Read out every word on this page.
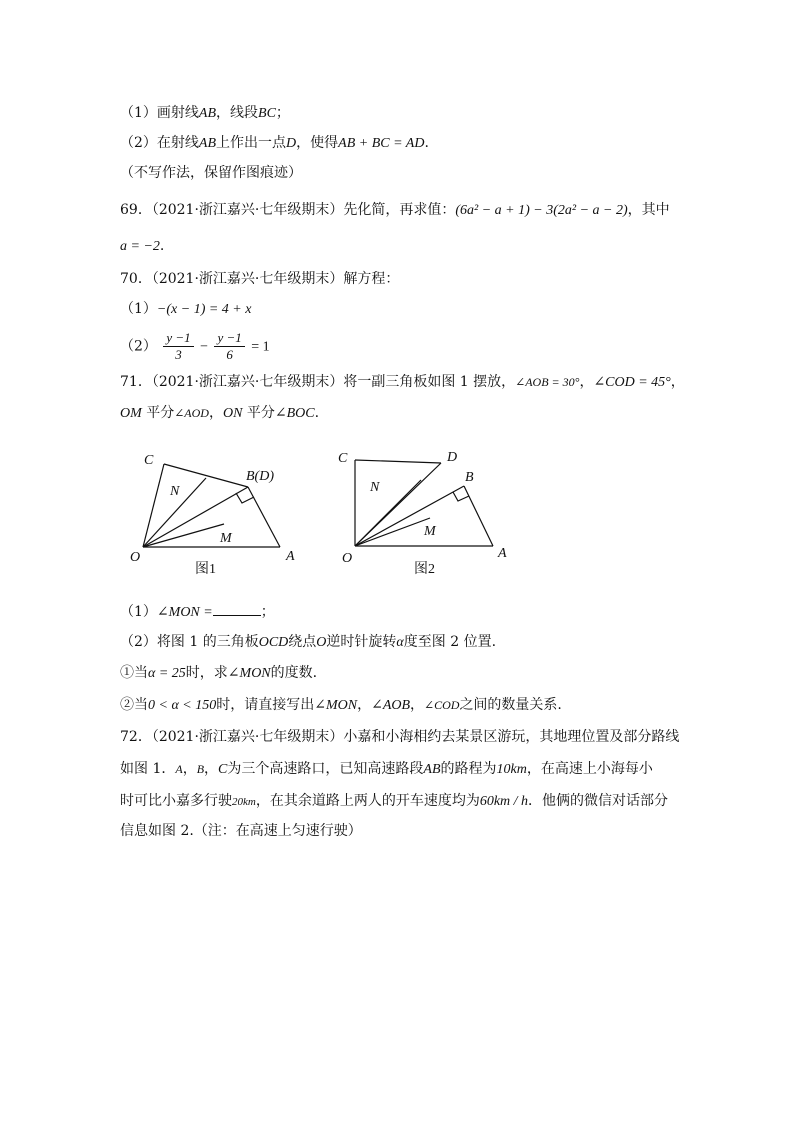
（1）画射线AB，线段BC；
（2）在射线AB上作出一点D，使得AB + BC = AD.
（不写作法，保留作图痕迹）
69．（2021·浙江嘉兴·七年级期末）先化简，再求值：(6a² − a + 1) − 3(2a² − a − 2)，其中
a = −2.
70．（2021·浙江嘉兴·七年级期末）解方程：
（1）−(x − 1) = 4 + x
$(2) \frac{y -1}{3} - \frac{y -1}{6} = 1$
71．（2021·浙江嘉兴·七年级期末）将一副三角板如图 1 摆放，∠AOB = 30°，∠COD = 45°，
OM 平分∠AOD，ON 平分∠BOC.
C
B(D)
N
M
O	A
图1
C	D
B
N
M
O	A
图2
（1）∠MON =	；
（2）将图 1 的三角板OCD绕点O逆时针旋转α度至图 2 位置.
①当α = 25时，求∠MON的度数.
②当0 < α < 150时，请直接写出∠MON，∠AOB，∠COD之间的数量关系.
72．（2021·浙江嘉兴·七年级期末）小嘉和小海相约去某景区游玩，其地理位置及部分路线
如图 1．A，B，C为三个高速路口，已知高速路段AB的路程为10km，在高速上小海每小
时可比小嘉多行驶20km，在其余道路上两人的开车速度均为60km / h．他俩的微信对话部分
信息如图 2.（注：在高速上匀速行驶）
